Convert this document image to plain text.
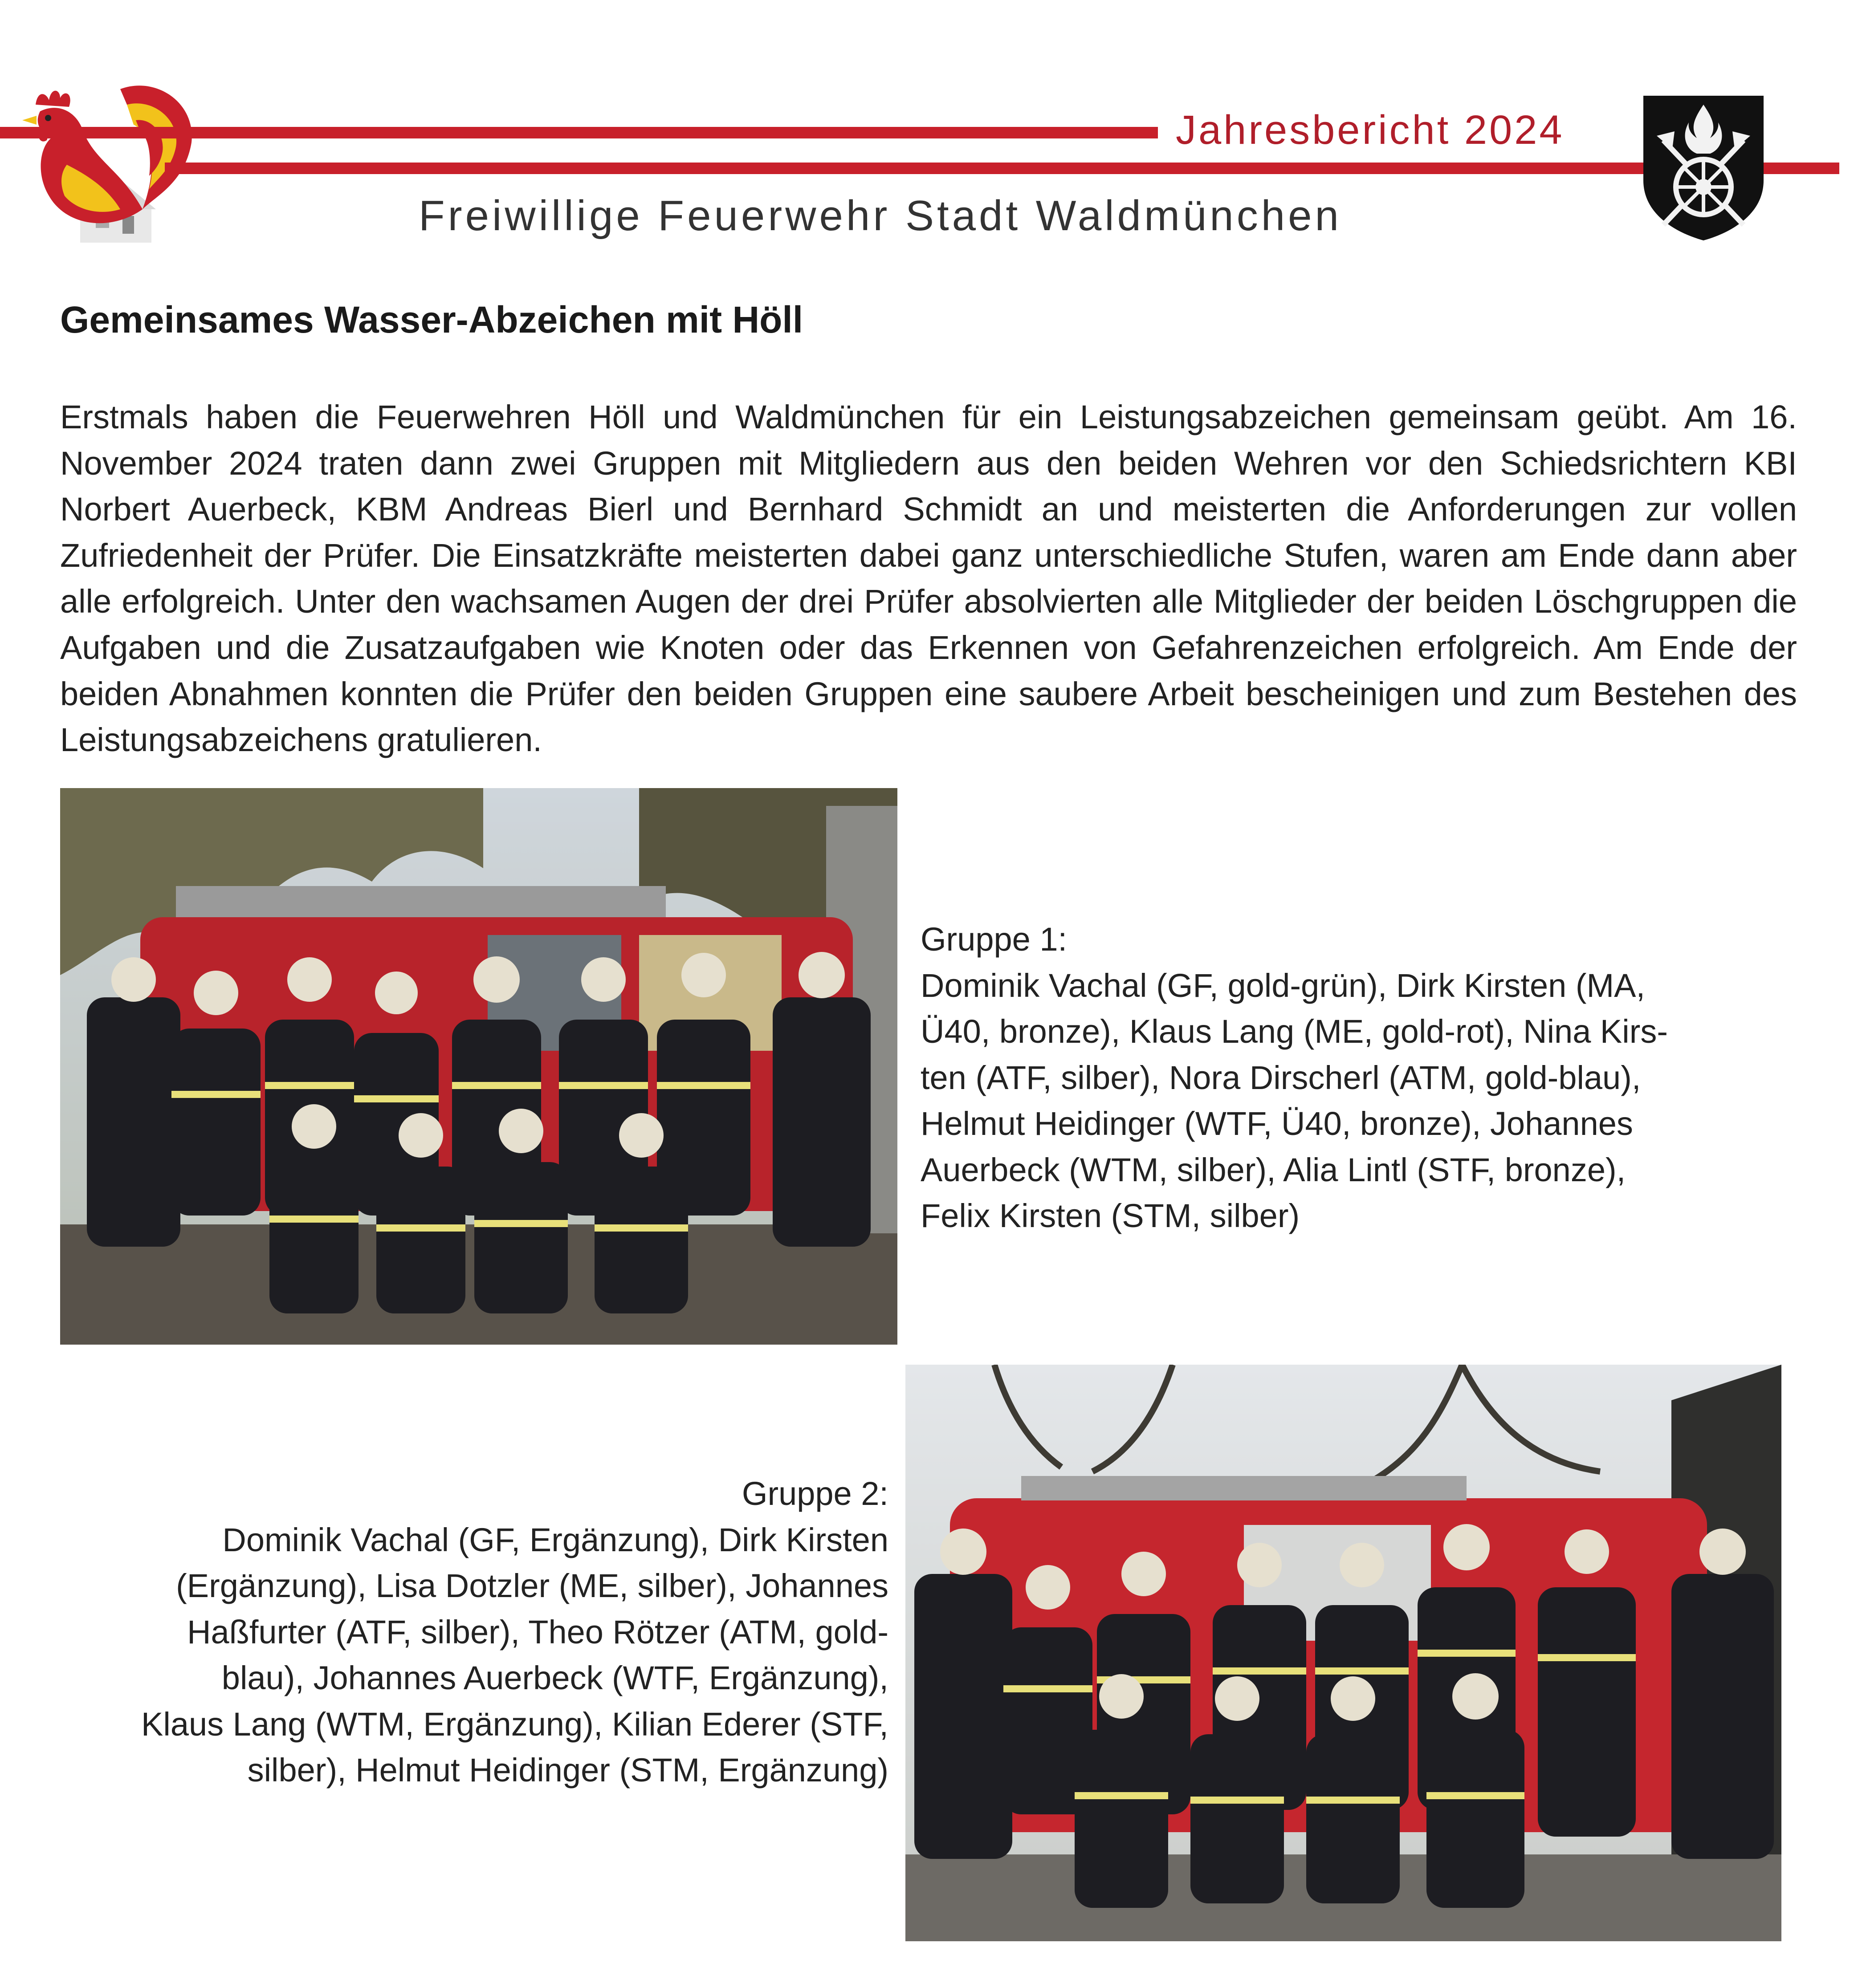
Jahresbericht 2024
Freiwillige Feuerwehr Stadt Waldmünchen
Gemeinsames Wasser-Abzeichen mit Höll
Erstmals haben die Feuerwehren Höll und Waldmünchen für ein Leistungsabzeichen gemeinsam geübt. Am 16. November 2024 traten dann zwei Gruppen mit Mitgliedern aus den beiden Wehren vor den Schiedsrichtern KBI Norbert Auerbeck, KBM Andreas Bierl und Bernhard Schmidt an und meisterten die Anforderungen zur vollen Zufriedenheit der Prüfer. Die Einsatzkräfte meisterten dabei ganz unterschiedliche Stufen, waren am Ende dann aber alle erfolgreich. Unter den wachsamen Augen der drei Prüfer absolvierten alle Mitglieder der beiden Löschgruppen die Aufgaben und die Zusatzaufgaben wie Knoten oder das Erkennen von Gefahrenzeichen erfolgreich. Am Ende der beiden Abnahmen konnten die Prüfer den beiden Gruppen eine saubere Arbeit bescheinigen und zum Bestehen des Leistungsabzeichens gratulieren.
Gruppe 1:
Dominik Vachal (GF, gold-grün), Dirk Kirsten (MA,
Ü40, bronze), Klaus Lang (ME, gold-rot), Nina Kirs-
ten (ATF, silber), Nora Dirscherl (ATM, gold-blau),
Helmut Heidinger (WTF, Ü40, bronze), Johannes
Auerbeck (WTM, silber), Alia Lintl (STF, bronze),
Felix Kirsten (STM, silber)
Gruppe 2:
Dominik Vachal (GF, Ergänzung), Dirk Kirsten
(Ergänzung), Lisa Dotzler (ME, silber), Johannes
Haßfurter (ATF, silber), Theo Rötzer (ATM, gold-
blau), Johannes Auerbeck (WTF, Ergänzung),
Klaus Lang (WTM, Ergänzung), Kilian Ederer (STF,
silber), Helmut Heidinger (STM, Ergänzung)
